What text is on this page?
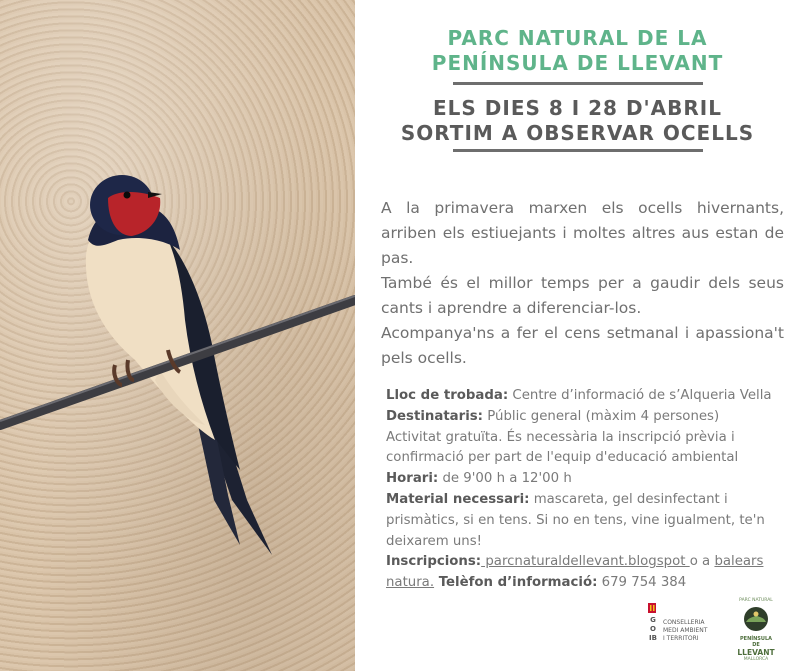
PARC NATURAL DE LA
PENÍNSULA DE LLEVANT
ELS DIES 8 I 28 D'ABRIL
SORTIM A OBSERVAR OCELLS

A la primavera marxen els ocells hivernants, arriben els estiuejants i moltes altres aus estan de pas.

També és el millor temps per a gaudir dels seus cants i aprendre a diferenciar-los.

Acompanya'ns a fer el cens setmanal i apassiona't pels ocells.

Lloc de trobada: Centre d’informació de s’Alqueria Vella

Destinataris: Públic general (màxim 4 persones)

Activitat gratuïta. És necessària la inscripció prèvia i confirmació per part de l'equip d'educació ambiental

Horari: de 9'00 h a 12'00 h

Material necessari: mascareta, gel desinfectant i prismàtics, si en tens. Si no en tens, vine igualment, te'n deixarem uns!

Inscripcions: parcnaturaldellevant.blogspot o a balears natura. Telèfon d’informació: 679 754 384

GOIB
CONSELLERIA
MEDI AMBIENT
I TERRITORI
PARC NATURAL
PENÍNSULA DE
LLEVANT
MALLORCA
